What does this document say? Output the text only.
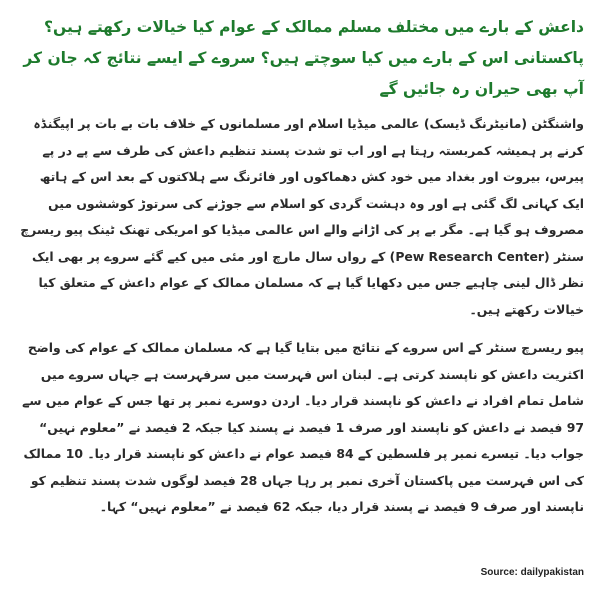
داعش کے بارے میں مختلف مسلم ممالک کے عوام کیا خیالات رکھتے ہیں؟ پاکستانی اس کے بارے میں کیا سوچتے ہیں؟ سروے کے ایسے نتائج کہ جان کر آپ بھی حیران رہ جائیں گے

واشنگٹن (مانیٹرنگ ڈیسک) عالمی میڈیا اسلام اور مسلمانوں کے خلاف بات بے بات پر اپیگنڈہ کرنے پر ہمیشہ کمربستہ رہتا ہے اور اب تو شدت پسند تنظیم داعش کی طرف سے پے در پے پیرس، بیروت اور بغداد میں خود کش دھماکوں اور فائرنگ سے ہلاکتوں کے بعد اس کے ہاتھ ایک کہانی لگ گئی ہے اور وہ دہشت گردی کو اسلام سے جوڑنے کی سرتوڑ کوششوں میں مصروف ہو گیا ہے۔ مگر بے پر کی اڑانے والے اس عالمی میڈیا کو امریکی تھنک ٹینک پیو ریسرچ سنٹر (Pew Research Center) کے رواں سال مارچ اور مئی میں کیے گئے سروے پر بھی ایک نظر ڈال لینی چاہیے جس میں دکھایا گیا ہے کہ مسلمان ممالک کے عوام داعش کے متعلق کیا خیالات رکھتے ہیں۔

پیو ریسرچ سنٹر کے اس سروے کے نتائج میں بتایا گیا ہے کہ مسلمان ممالک کے عوام کی واضح اکثریت داعش کو ناپسند کرتی ہے۔ لبنان اس فہرست میں سرفہرست ہے جہاں سروے میں شامل تمام افراد نے داعش کو ناپسند قرار دیا۔ اردن دوسرے نمبر پر تھا جس کے عوام میں سے 97 فیصد نے داعش کو ناپسند اور صرف 1 فیصد نے پسند کیا جبکہ 2 فیصد نے ”معلوم نہیں“ جواب دیا۔ تیسرے نمبر پر فلسطین کے 84 فیصد عوام نے داعش کو ناپسند قرار دیا۔ 10 ممالک کی اس فہرست میں پاکستان آخری نمبر پر رہا جہاں 28 فیصد لوگوں شدت پسند تنظیم کو ناپسند اور صرف 9 فیصد نے پسند قرار دیا، جبکہ 62 فیصد نے ”معلوم نہیں“ کہا۔

Source: dailypakistan
